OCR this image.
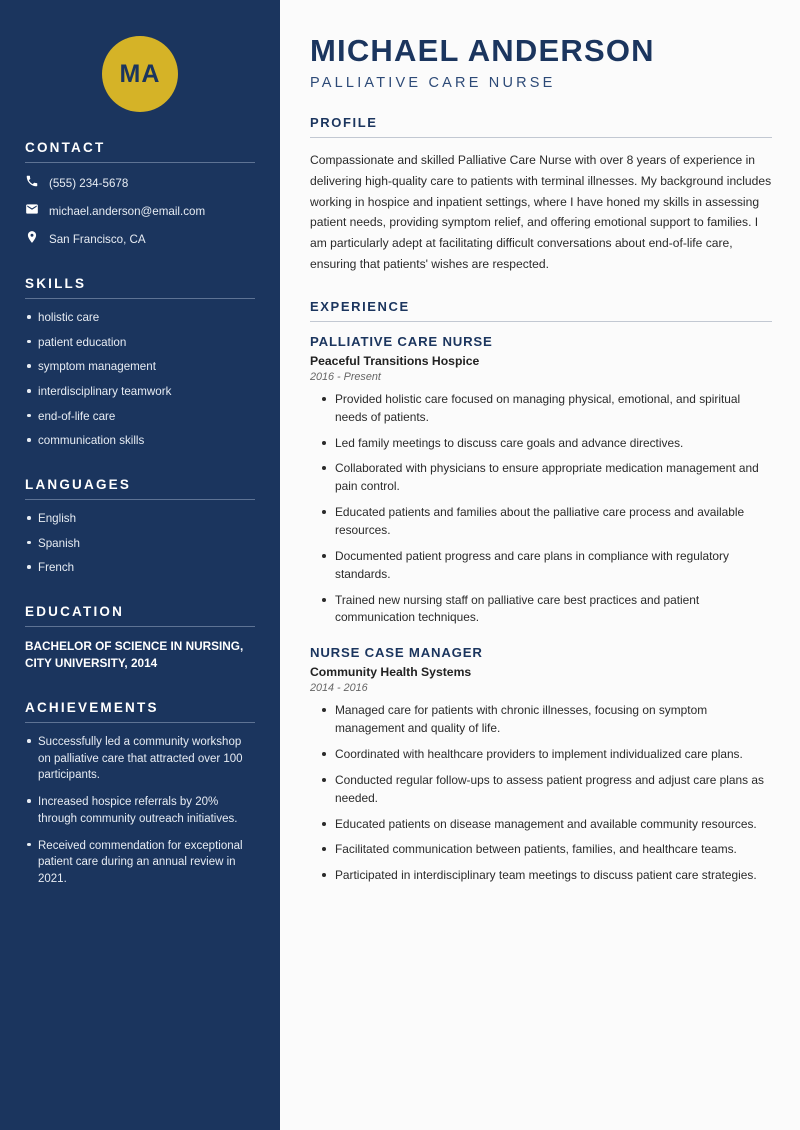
MA
CONTACT
(555) 234-5678
michael.anderson@email.com
San Francisco, CA
SKILLS
holistic care
patient education
symptom management
interdisciplinary teamwork
end-of-life care
communication skills
LANGUAGES
English
Spanish
French
EDUCATION
BACHELOR OF SCIENCE IN NURSING, CITY UNIVERSITY, 2014
ACHIEVEMENTS
Successfully led a community workshop on palliative care that attracted over 100 participants.
Increased hospice referrals by 20% through community outreach initiatives.
Received commendation for exceptional patient care during an annual review in 2021.
MICHAEL ANDERSON
PALLIATIVE CARE NURSE
PROFILE

Compassionate and skilled Palliative Care Nurse with over 8 years of experience in delivering high-quality care to patients with terminal illnesses. My background includes working in hospice and inpatient settings, where I have honed my skills in assessing patient needs, providing symptom relief, and offering emotional support to families. I am particularly adept at facilitating difficult conversations about end-of-life care, ensuring that patients' wishes are respected.

EXPERIENCE
PALLIATIVE CARE NURSE
Peaceful Transitions Hospice
2016 - Present
Provided holistic care focused on managing physical, emotional, and spiritual needs of patients.
Led family meetings to discuss care goals and advance directives.
Collaborated with physicians to ensure appropriate medication management and pain control.
Educated patients and families about the palliative care process and available resources.
Documented patient progress and care plans in compliance with regulatory standards.
Trained new nursing staff on palliative care best practices and patient communication techniques.
NURSE CASE MANAGER
Community Health Systems
2014 - 2016
Managed care for patients with chronic illnesses, focusing on symptom management and quality of life.
Coordinated with healthcare providers to implement individualized care plans.
Conducted regular follow-ups to assess patient progress and adjust care plans as needed.
Educated patients on disease management and available community resources.
Facilitated communication between patients, families, and healthcare teams.
Participated in interdisciplinary team meetings to discuss patient care strategies.
